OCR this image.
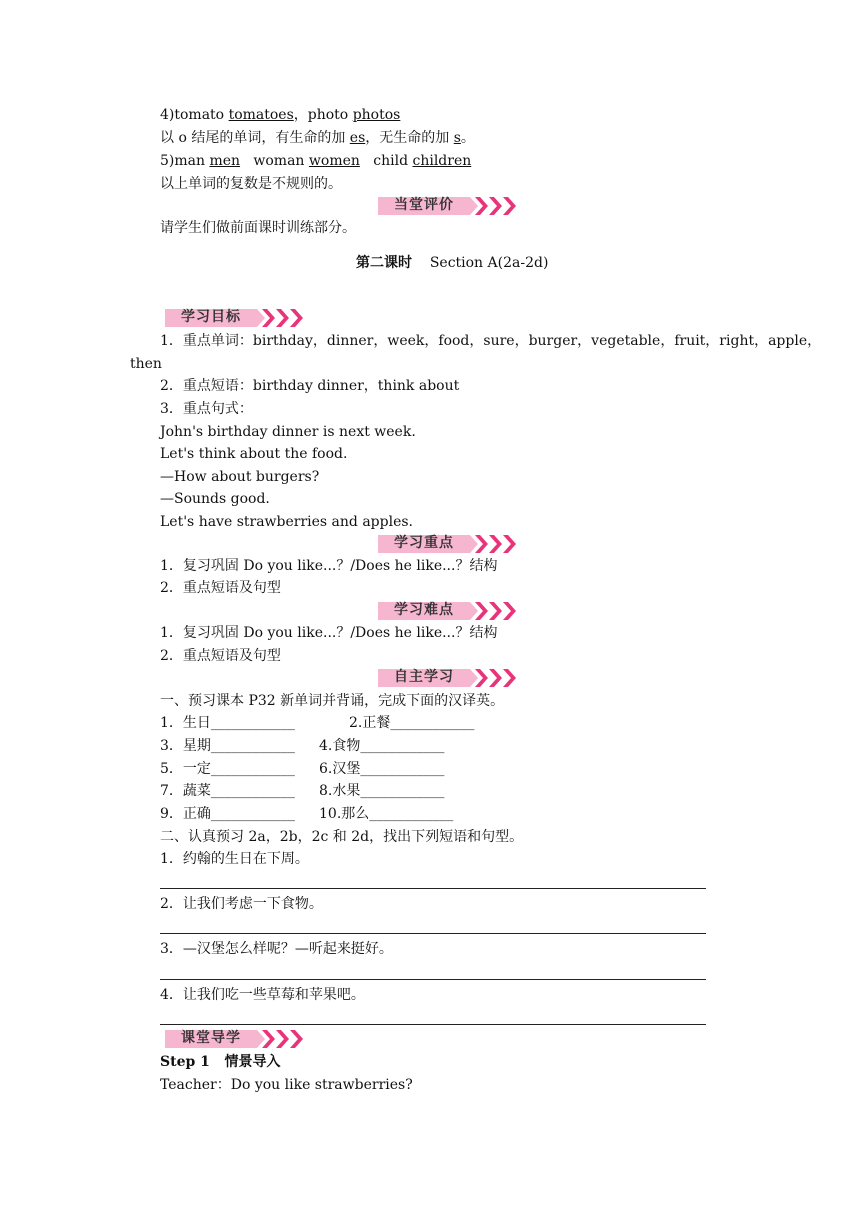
4)tomato tomatoes，photo photos
以 o 结尾的单词，有生命的加 es，无生命的加 s。
5)man men   woman women   child children
以上单词的复数是不规则的。
当堂评价
请学生们做前面课时训练部分。
第二课时 Section A(2a-2d)
学习目标
1．重点单词：birthday，dinner，week，food，sure，burger，vegetable，fruit，right，apple，
then
2．重点短语：birthday dinner，think about
3．重点句式：
John's birthday dinner is next week.
Let's think about the food.
—How about burgers?
—Sounds good.
Let's have strawberries and apples.
学习重点
1．复习巩固 Do you like...？/Does he like...？结构
2．重点短语及句型
学习难点
1．复习巩固 Do you like...？/Does he like...？结构
2．重点短语及句型
自主学习
一、预习课本 P32 新单词并背诵，完成下面的汉译英。
1．生日____________	2.正餐____________
3．星期____________ 4.食物____________
5．一定____________ 6.汉堡____________
7．蔬菜____________ 8.水果____________
9．正确____________ 10.那么____________
二、认真预习 2a，2b，2c 和 2d，找出下列短语和句型。
1．约翰的生日在下周。
2．让我们考虑一下食物。
3．—汉堡怎么样呢？—听起来挺好。
4．让我们吃一些草莓和苹果吧。
课堂导学
Step 1 情景导入
Teacher：Do you like strawberries?
